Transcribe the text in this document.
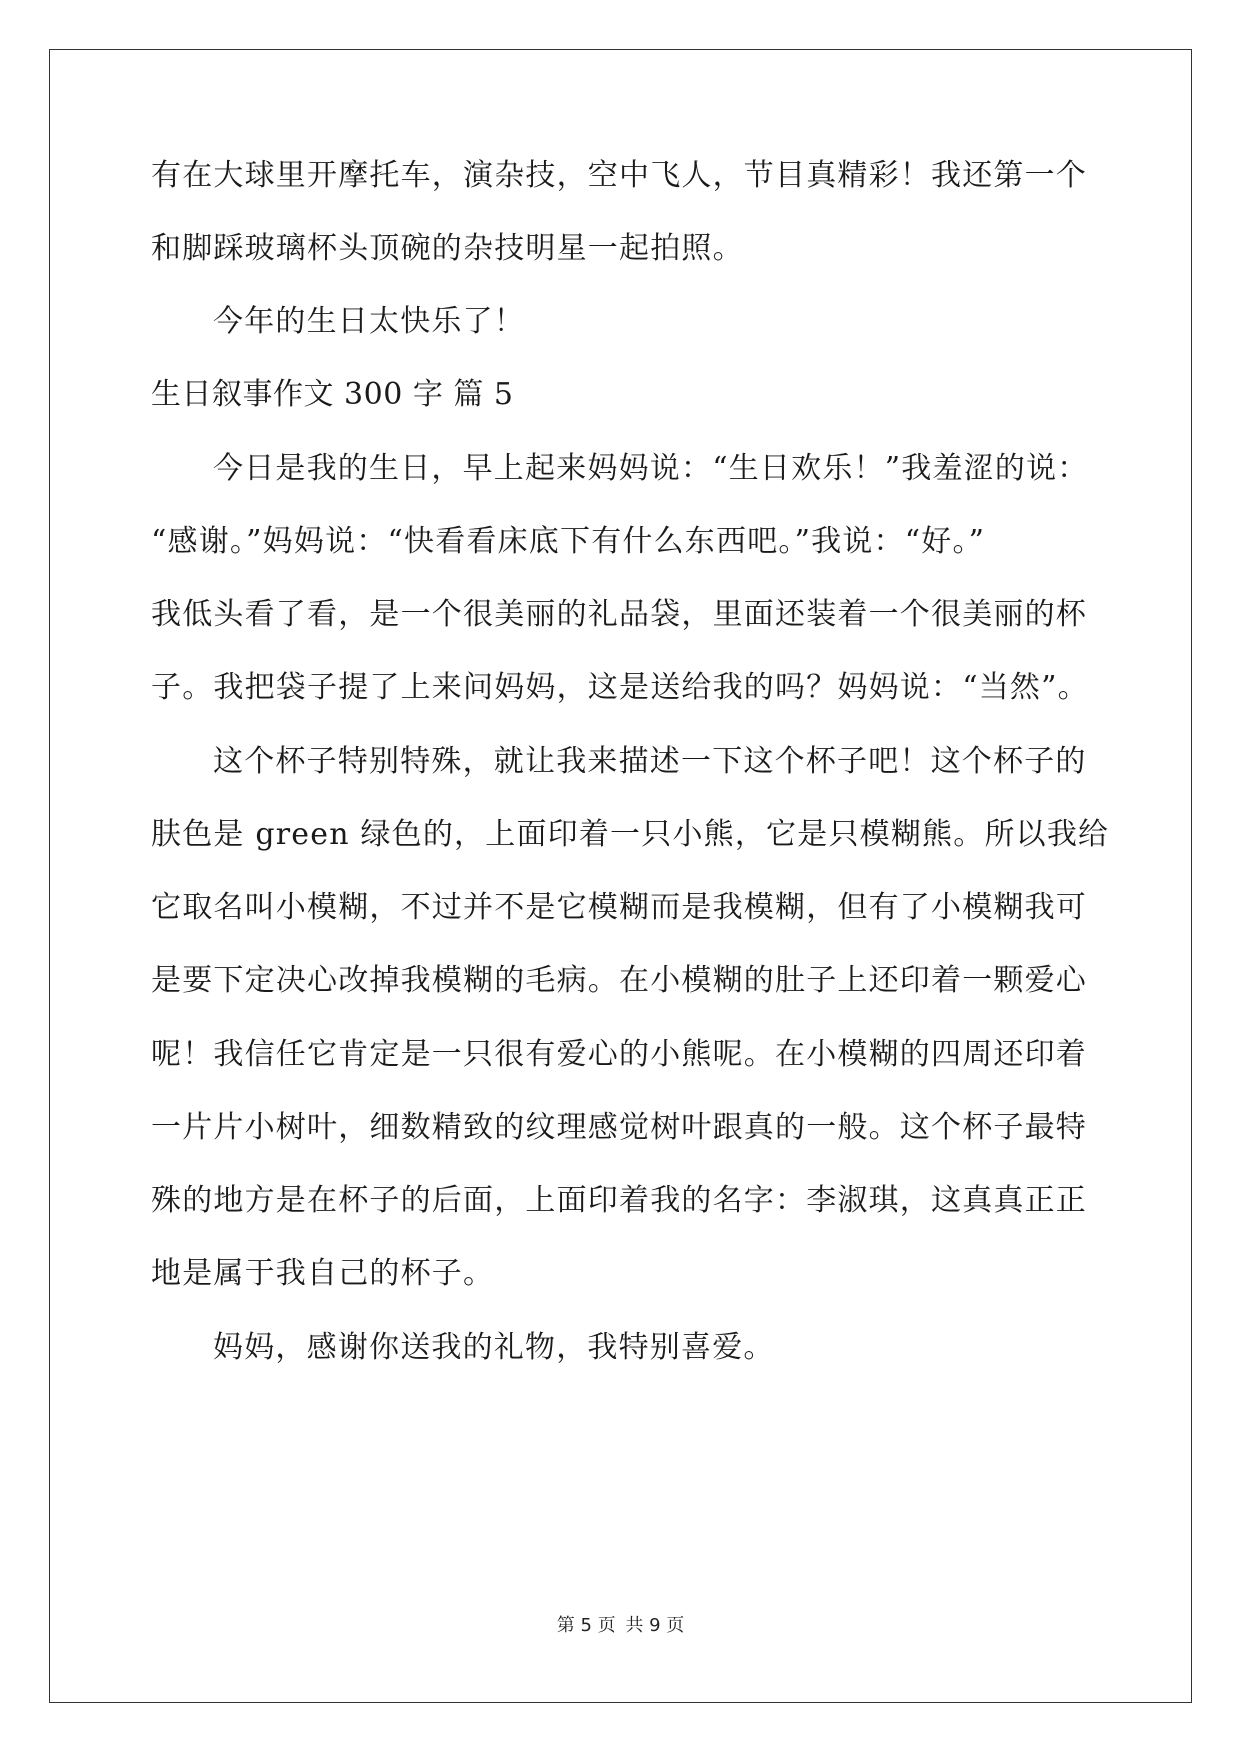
有在大球里开摩托车，演杂技，空中飞人，节目真精彩！我还第一个
和脚踩玻璃杯头顶碗的杂技明星一起拍照。
今年的生日太快乐了！
生日叙事作文 300 字 篇 5
今日是我的生日，早上起来妈妈说：“生日欢乐！”我羞涩的说：
“感谢。”妈妈说：“快看看床底下有什么东西吧。”我说：“好。”
我低头看了看，是一个很美丽的礼品袋，里面还装着一个很美丽的杯
子。我把袋子提了上来问妈妈，这是送给我的吗？妈妈说：“当然”。
这个杯子特别特殊，就让我来描述一下这个杯子吧！这个杯子的
肤色是 green 绿色的，上面印着一只小熊，它是只模糊熊。所以我给
它取名叫小模糊，不过并不是它模糊而是我模糊，但有了小模糊我可
是要下定决心改掉我模糊的毛病。在小模糊的肚子上还印着一颗爱心
呢！我信任它肯定是一只很有爱心的小熊呢。在小模糊的四周还印着
一片片小树叶，细数精致的纹理感觉树叶跟真的一般。这个杯子最特
殊的地方是在杯子的后面，上面印着我的名字：李淑琪，这真真正正
地是属于我自己的杯子。
妈妈，感谢你送我的礼物，我特别喜爱。
第 5 页 共 9 页
